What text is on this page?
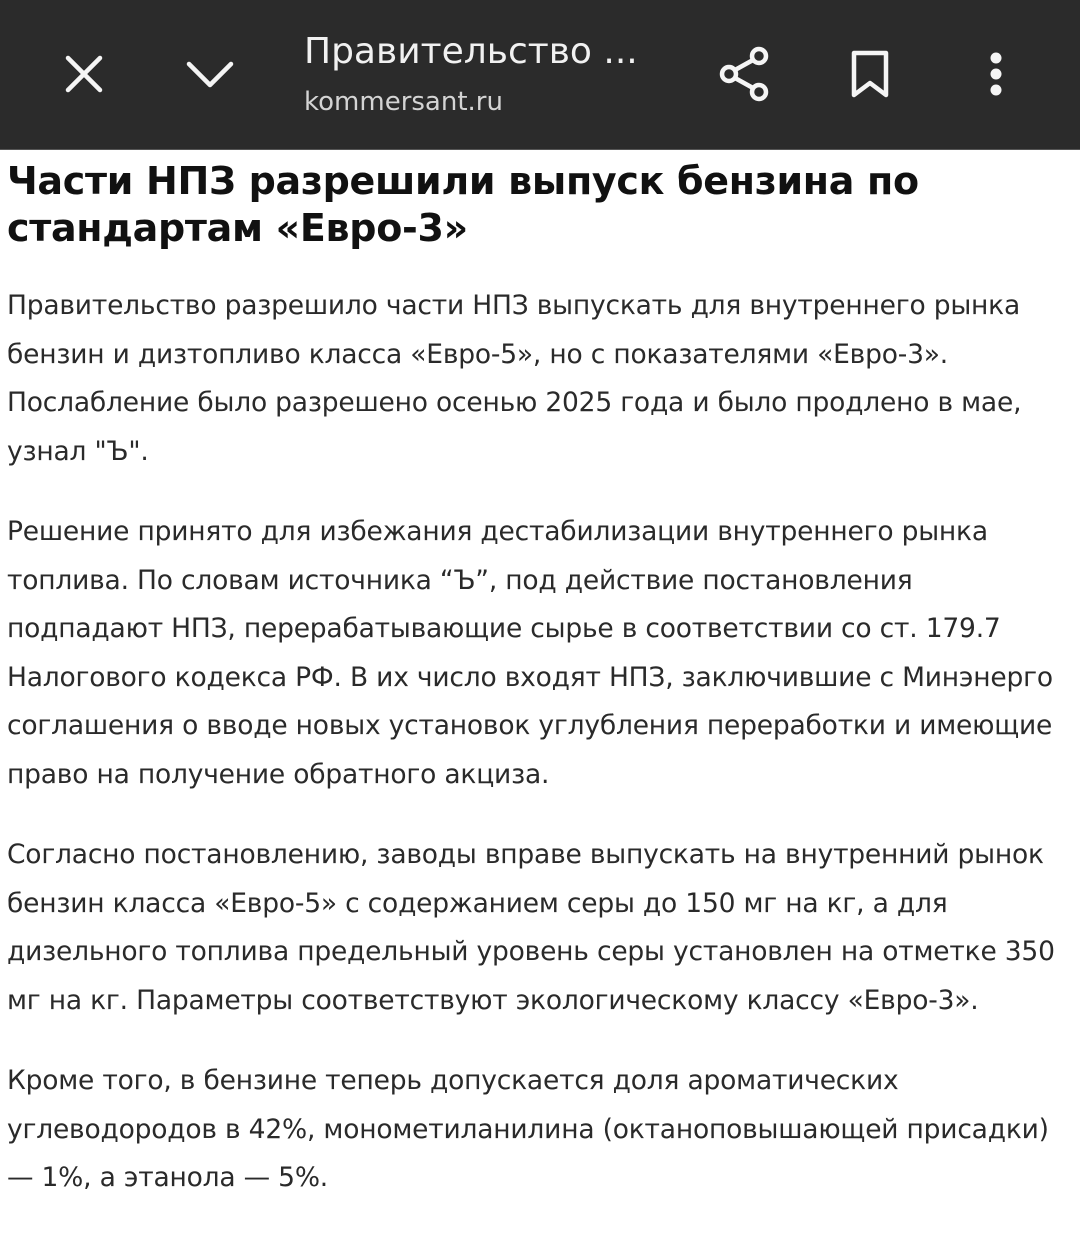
Правительство ...
kommersant.ru
Части НПЗ разрешили выпуск бензина по стандартам «Евро-3»

Правительство разрешило части НПЗ выпускать для внутреннего рынка бензин и дизтопливо класса «Евро-5», но с показателями «Евро-3». Послабление было разрешено осенью 2025 года и было продлено в мае, узнал "Ъ".

Решение принято для избежания дестабилизации внутреннего рынка топлива. По словам источника “Ъ”, под действие постановления подпадают НПЗ, перерабатывающие сырье в соответствии со ст. 179.7 Налогового кодекса РФ. В их число входят НПЗ, заключившие с Минэнерго соглашения о вводе новых установок углубления переработки и имеющие право на получение обратного акциза.

Согласно постановлению, заводы вправе выпускать на внутренний рынок бензин класса «Евро-5» с содержанием серы до 150 мг на кг, а для дизельного топлива предельный уровень серы установлен на отметке 350 мг на кг. Параметры соответствуют экологическому классу «Евро-3».

Кроме того, в бензине теперь допускается доля ароматических углеводородов в 42%, монометиланилина (октаноповышающей присадки) — 1%, а этанола — 5%.
